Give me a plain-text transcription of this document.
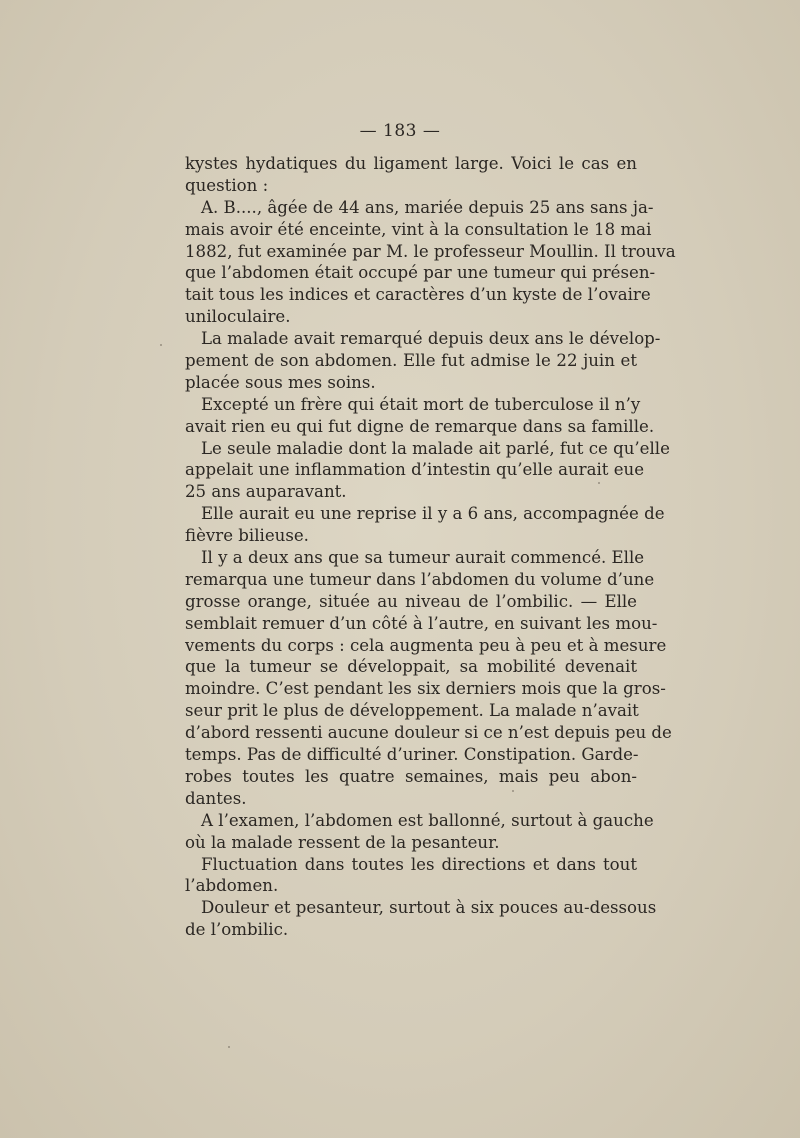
— 183 —
kystes hydatiques du ligament large. Voici le cas en
question :
A. B...., âgée de 44 ans, mariée depuis 25 ans sans ja-
mais avoir été enceinte, vint à la consultation le 18 mai
1882, fut examinée par M. le professeur Moullin. Il trouva
que l’abdomen était occupé par une tumeur qui présen-
tait tous les indices et caractères d’un kyste de l’ovaire
uniloculaire.
La malade avait remarqué depuis deux ans le dévelop-
pement de son abdomen. Elle fut admise le 22 juin et
placée sous mes soins.
Excepté un frère qui était mort de tuberculose il n’y
avait rien eu qui fut digne de remarque dans sa famille.
Le seule maladie dont la malade ait parlé, fut ce qu’elle
appelait une inflammation d’intestin qu’elle aurait eue
25 ans auparavant.
Elle aurait eu une reprise il y a 6 ans, accompagnée de
fièvre bilieuse.
Il y a deux ans que sa tumeur aurait commencé. Elle
remarqua une tumeur dans l’abdomen du volume d’une
grosse orange, située au niveau de l’ombilic. — Elle
semblait remuer d’un côté à l’autre, en suivant les mou-
vements du corps : cela augmenta peu à peu et à mesure
que la tumeur se développait, sa mobilité devenait
moindre. C’est pendant les six derniers mois que la gros-
seur prit le plus de développement. La malade n’avait
d’abord ressenti aucune douleur si ce n’est depuis peu de
temps. Pas de difficulté d’uriner. Constipation. Garde-
robes toutes les quatre semaines, mais peu abon-
dantes.
A l’examen, l’abdomen est ballonné, surtout à gauche
où la malade ressent de la pesanteur.
Fluctuation dans toutes les directions et dans tout
l’abdomen.
Douleur et pesanteur, surtout à six pouces au-dessous
de l’ombilic.
